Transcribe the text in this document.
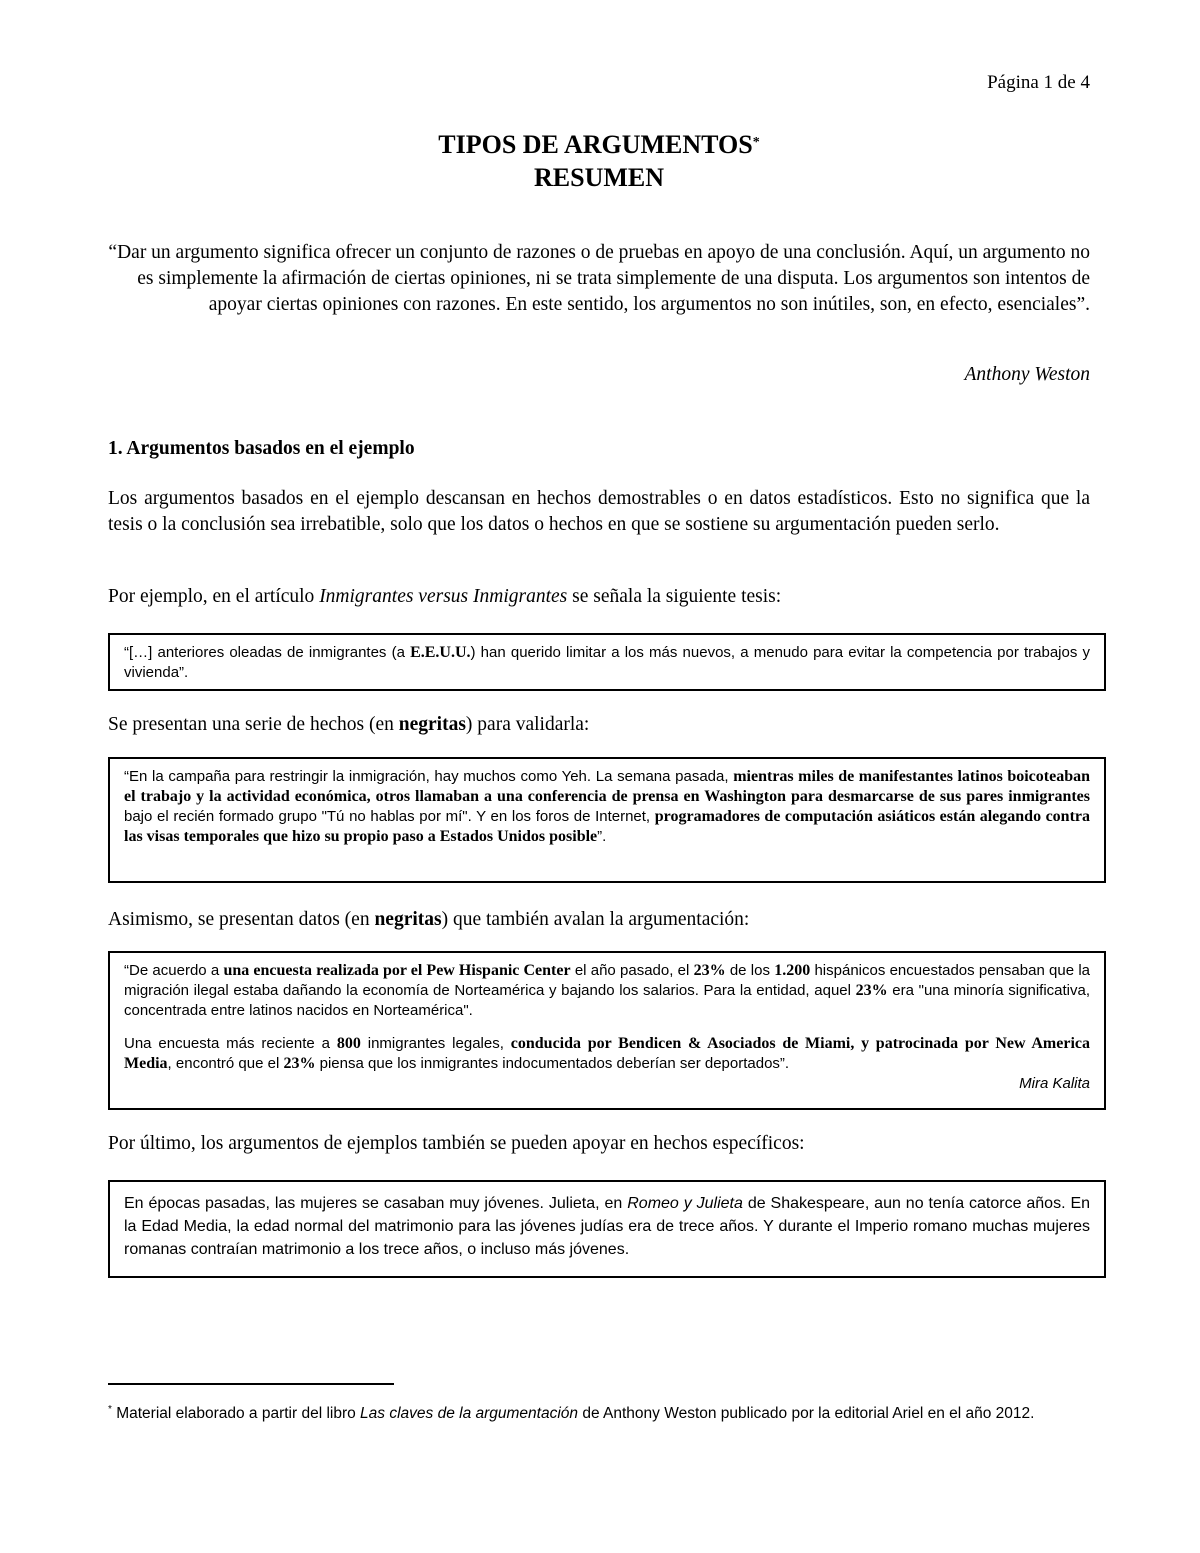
Página 1 de 4
TIPOS DE ARGUMENTOS*
RESUMEN
“Dar un argumento significa ofrecer un conjunto de razones o de pruebas en apoyo de una conclusión. Aquí, un argumento no es simplemente la afirmación de ciertas opiniones, ni se trata simplemente de una disputa. Los argumentos son intentos de apoyar ciertas opiniones con razones. En este sentido, los argumentos no son inútiles, son, en efecto, esenciales”.
Anthony Weston
1. Argumentos basados en el ejemplo
Los argumentos basados en el ejemplo descansan en hechos demostrables o en datos estadísticos. Esto no significa que la tesis o la conclusión sea irrebatible, solo que los datos o hechos en que se sostiene su argumentación pueden serlo.
Por ejemplo, en el artículo Inmigrantes versus Inmigrantes se señala la siguiente tesis:

“[…] anteriores oleadas de inmigrantes (a E.E.U.U.) han querido limitar a los más nuevos, a menudo para evitar la competencia por trabajos y vivienda”.

Se presentan una serie de hechos (en negritas) para validarla:

“En la campaña para restringir la inmigración, hay muchos como Yeh. La semana pasada, mientras miles de manifestantes latinos boicoteaban el trabajo y la actividad económica, otros llamaban a una conferencia de prensa en Washington para desmarcarse de sus pares inmigrantes bajo el recién formado grupo "Tú no hablas por mí". Y en los foros de Internet, programadores de computación asiáticos están alegando contra las visas temporales que hizo su propio paso a Estados Unidos posible”.

Asimismo, se presentan datos (en negritas) que también avalan la argumentación:

“De acuerdo a una encuesta realizada por el Pew Hispanic Center el año pasado, el 23% de los 1.200 hispánicos encuestados pensaban que la migración ilegal estaba dañando la economía de Norteamérica y bajando los salarios. Para la entidad, aquel 23% era "una minoría significativa, concentrada entre latinos nacidos en Norteamérica".

Una encuesta más reciente a 800 inmigrantes legales, conducida por Bendicen & Asociados de Miami, y patrocinada por New America Media, encontró que el 23% piensa que los inmigrantes indocumentados deberían ser deportados”.

Mira Kalita

Por último, los argumentos de ejemplos también se pueden apoyar en hechos específicos:

En épocas pasadas, las mujeres se casaban muy jóvenes. Julieta, en Romeo y Julieta de Shakespeare, aun no tenía catorce años. En la Edad Media, la edad normal del matrimonio para las jóvenes judías era de trece años. Y durante el Imperio romano muchas mujeres romanas contraían matrimonio a los trece años, o incluso más jóvenes.

* Material elaborado a partir del libro Las claves de la argumentación de Anthony Weston publicado por la editorial Ariel en el año 2012.
